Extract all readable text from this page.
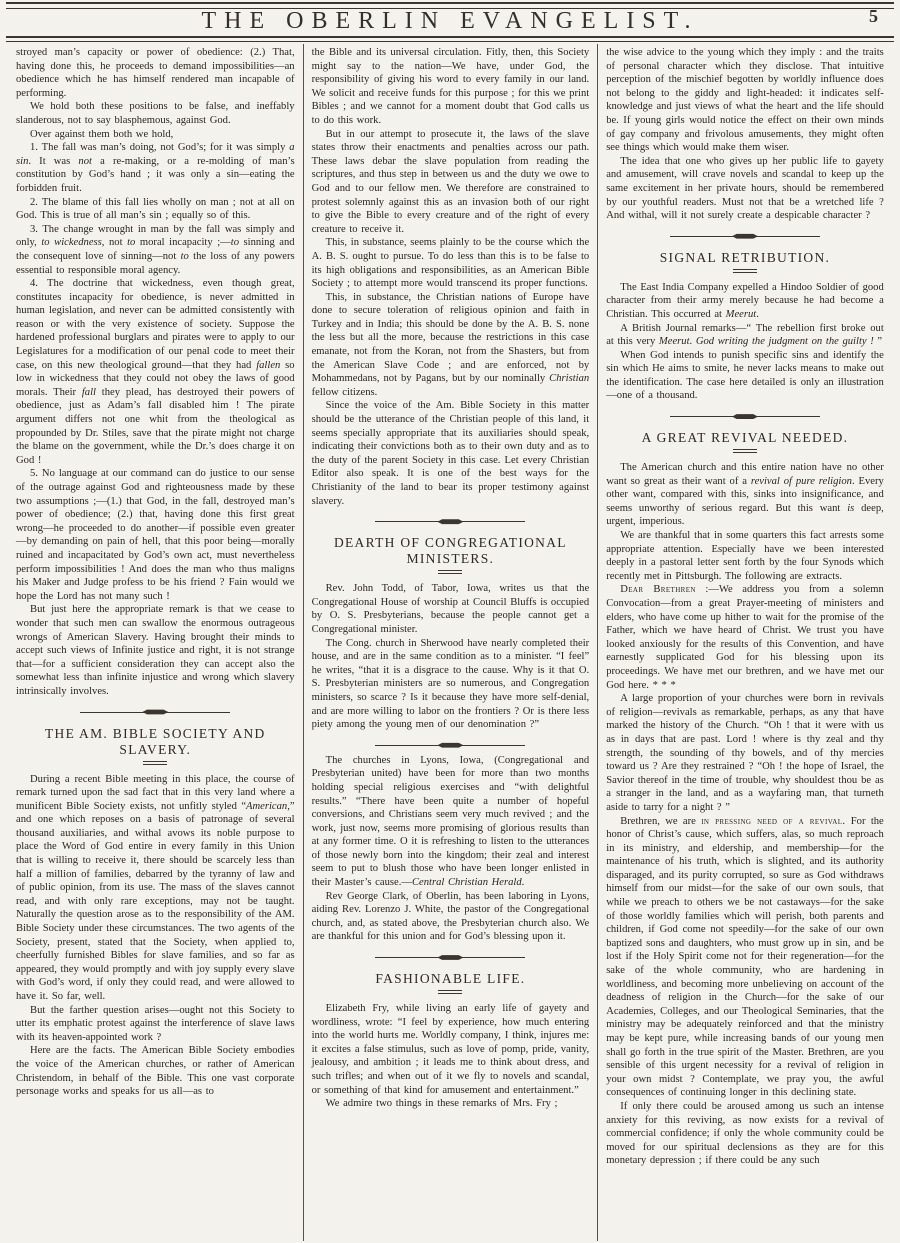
THE OBERLIN EVANGELIST.	5

stroyed man’s capacity or power of obedience: (2.) That, having done this, he proceeds to demand impossibilities—an obedience which he has himself rendered man incapable of performing.

We hold both these positions to be false, and ineffably slanderous, not to say blasphemous, against God.

Over against them both we hold,

1. The fall was man’s doing, not God’s; for it was simply a sin. It was not a re-making, or a re-molding of man’s constitution by God’s hand ; it was only a sin—eating the forbidden fruit.

2. The blame of this fall lies wholly on man ; not at all on God. This is true of all man’s sin ; equally so of this.

3. The change wrought in man by the fall was simply and only, to wickedness, not to moral incapacity ;—to sinning and the consequent love of sinning—not to the loss of any powers essential to responsible moral agency.

4. The doctrine that wickedness, even though great, constitutes incapacity for obedience, is never admitted in human legislation, and never can be admitted consistently with reason or with the very existence of society. Suppose the hardened professional burglars and pirates were to apply to our Legislatures for a modification of our penal code to meet their case, on this new theological ground—that they had fallen so low in wickedness that they could not obey the laws of good morals. Their fall they plead, has destroyed their powers of obedience, just as Adam’s fall disabled him ! The pirate argument differs not one whit from the theological as propounded by Dr. Stiles, save that the pirate might not charge the blame on the government, while the Dr.’s does charge it on God !

5. No language at our command can do justice to our sense of the outrage against God and righteousness made by these two assumptions ;—(1.) that God, in the fall, destroyed man’s power of obedience; (2.) that, having done this first great wrong—he proceeded to do another—if possible even greater—by demanding on pain of hell, that this poor being—morally ruined and incapacitated by God’s own act, must nevertheless perform impossibilities ! And does the man who thus maligns his Maker and Judge profess to be his friend ? Fain would we hope the Lord has not many such !

But just here the appropriate remark is that we cease to wonder that such men can swallow the enormous outrageous wrongs of American Slavery. Having brought their minds to accept such views of Infinite justice and right, it is not strange that—for a sufficient consideration they can accept also the somewhat less than infinite injustice and wrong which slavery intrinsically involves.

THE AM. BIBLE SOCIETY AND SLAVERY.

During a recent Bible meeting in this place, the course of remark turned upon the sad fact that in this very land where a munificent Bible Society exists, not unfitly styled “American,” and one which reposes on a basis of patronage of several thousand auxiliaries, and withal avows its noble purpose to place the Word of God entire in every family in this Union that is willing to receive it, there should be scarcely less than half a million of families, debarred by the tyranny of law and of public opinion, from its use. The mass of the slaves cannot read, and with only rare exceptions, may not be taught. Naturally the question arose as to the responsibility of the AM. Bible Society under these circumstances. The two agents of the Society, present, stated that the Society, when applied to, cheerfully furnished Bibles for slave families, and so far as appeared, they would promptly and with joy supply every slave with God’s word, if only they could read, and were allowed to have it. So far, well.

But the farther question arises—ought not this Society to utter its emphatic protest against the interference of slave laws with its heaven-appointed work ?

Here are the facts. The American Bible Society embodies the voice of the American churches, or rather of American Christendom, in behalf of the Bible. This one vast corporate personage works and speaks for us all—as to

the Bible and its universal circulation. Fitly, then, this Society might say to the nation—We have, under God, the responsibility of giving his word to every family in our land. We solicit and receive funds for this purpose ; for this we print Bibles ; and we cannot for a moment doubt that God calls us to do this work.

But in our attempt to prosecute it, the laws of the slave states throw their enactments and penalties across our path. These laws debar the slave population from reading the scriptures, and thus step in between us and the duty we owe to God and to our fellow men. We therefore are constrained to protest solemnly against this as an invasion both of our right to give the Bible to every creature and of the right of every creature to receive it.

This, in substance, seems plainly to be the course which the A. B. S. ought to pursue. To do less than this is to be false to its high obligations and responsibilities, as an American Bible Society ; to attempt more would transcend its proper functions.

This, in substance, the Christian nations of Europe have done to secure toleration of religious opinion and faith in Turkey and in India; this should be done by the A. B. S. none the less but all the more, because the restrictions in this case emanate, not from the Koran, not from the Shasters, but from the American Slave Code ; and are enforced, not by Mohammedans, not by Pagans, but by our nominally Christian fellow citizens.

Since the voice of the Am. Bible Society in this matter should be the utterance of the Christian people of this land, it seems specially appropriate that its auxiliaries should speak, indicating their convictions both as to their own duty and as to the duty of the parent Society in this case. Let every Christian Editor also speak. It is one of the best ways for the Christianity of the land to bear its proper testimony against slavery.

DEARTH OF CONGREGATIONAL MINISTERS.

Rev. John Todd, of Tabor, Iowa, writes us that the Congregational House of worship at Council Bluffs is occupied by O. S. Presbyterians, because the people cannot get a Congregational minister.

The Cong. church in Sherwood have nearly completed their house, and are in the same condition as to a minister. “I feel” he writes, “that it is a disgrace to the cause. Why is it that O. S. Presbyterian ministers are so numerous, and Congregation ministers, so scarce ? Is it because they have more self-denial, and are more willing to labor on the frontiers ? Or is there less piety among the young men of our denomination ?”

The churches in Lyons, Iowa, (Congregational and Presbyterian united) have been for more than two months holding special religious exercises and “with delightful results.” “There have been quite a number of hopeful conversions, and Christians seem very much revived ; and the work, just now, seems more promising of glorious results than at any former time. O it is refreshing to listen to the utterances of those newly born into the kingdom; their zeal and interest seem to put to blush those who have been longer enlisted in their Master’s cause.—Central Christian Herald.

Rev George Clark, of Oberlin, has been laboring in Lyons, aiding Rev. Lorenzo J. White, the pastor of the Congregational church, and, as stated above, the Presbyterian church also. We are thankful for this union and for God’s blessing upon it.

FASHIONABLE LIFE.

Elizabeth Fry, while living an early life of gayety and wordliness, wrote: “I feel by experience, how much entering into the world hurts me. Worldly company, I think, injures me: it excites a false stimulus, such as love of pomp, pride, vanity, jealousy, and ambition ; it leads me to think about dress, and such trifles; and when out of it we fly to novels and scandal, or something of that kind for amusement and entertainment.”

We admire two things in these remarks of Mrs. Fry ;

the wise advice to the young which they imply : and the traits of personal character which they disclose. That intuitive perception of the mischief begotten by worldly influence does not belong to the giddy and light-headed: it indicates self-knowledge and just views of what the heart and the life should be. If young girls would notice the effect on their own minds of gay company and frivolous amusements, they might often see things which would make them wiser.

The idea that one who gives up her public life to gayety and amusement, will crave novels and scandal to keep up the same excitement in her private hours, should be remembered by our youthful readers. Must not that be a wretched life ? And withal, will it not surely create a despicable character ?

SIGNAL RETRIBUTION.

The East India Company expelled a Hindoo Soldier of good character from their army merely because he had become a Christian. This occurred at Meerut.

A British Journal remarks—“ The rebellion first broke out at this very Meerut. God writing the judgment on the guilty ! ”

When God intends to punish specific sins and identify the sin which He aims to smite, he never lacks means to make out the identification. The case here detailed is only an illustration—one of a thousand.

A GREAT REVIVAL NEEDED.

The American church and this entire nation have no other want so great as their want of a revival of pure religion. Every other want, compared with this, sinks into insignificance, and seems unworthy of serious regard. But this want is deep, urgent, imperious.

We are thankful that in some quarters this fact arrests some appropriate attention. Especially have we been interested deeply in a pastoral letter sent forth by the four Synods which recently met in Pittsburgh. The following are extracts.

Dear Brethren :—We address you from a solemn Convocation—from a great Prayer-meeting of ministers and elders, who have come up hither to wait for the promise of the Father, which we have heard of Christ. We trust you have looked anxiously for the results of this Convention, and have earnestly supplicated God for his blessing upon its proceedings. We have met our brethren, and we have met our God here. * * *

A large proportion of your churches were born in revivals of religion—revivals as remarkable, perhaps, as any that have marked the history of the Church. “Oh ! that it were with us as in days that are past. Lord ! where is thy zeal and thy strength, the sounding of thy bowels, and of thy mercies toward us ? Are they restrained ? “Oh ! the hope of Israel, the Savior thereof in the time of trouble, why shouldest thou be as a stranger in the land, and as a wayfaring man, that turneth aside to tarry for a night ? ”

Brethren, we are in pressing need of a revival. For the honor of Christ’s cause, which suffers, alas, so much reproach in its ministry, and eldership, and membership—for the maintenance of his truth, which is slighted, and its authority disparaged, and its purity corrupted, so sure as God withdraws himself from our midst—for the sake of our own souls, that while we preach to others we be not castaways—for the sake of those worldly families which will perish, both parents and children, if God come not speedily—for the sake of our own baptized sons and daughters, who must grow up in sin, and be lost if the Holy Spirit come not for their regeneration—for the sake of the whole community, who are hardening in worldliness, and becoming more unbelieving on account of the deadness of religion in the Church—for the sake of our Academies, Colleges, and our Theological Seminaries, that the ministry may be adequately reinforced and that the ministry may be kept pure, while increasing bands of our young men shall go forth in the true spirit of the Master. Brethren, are you sensible of this urgent necessity for a revival of religion in your own midst ? Contemplate, we pray you, the awful consequences of continuing longer in this declining state.

If only there could be aroused among us such an intense anxiety for this reviving, as now exists for a revival of commercial confidence; if only the whole community could be moved for our spiritual declensions as they are for this monetary depression ; if there could be any such
